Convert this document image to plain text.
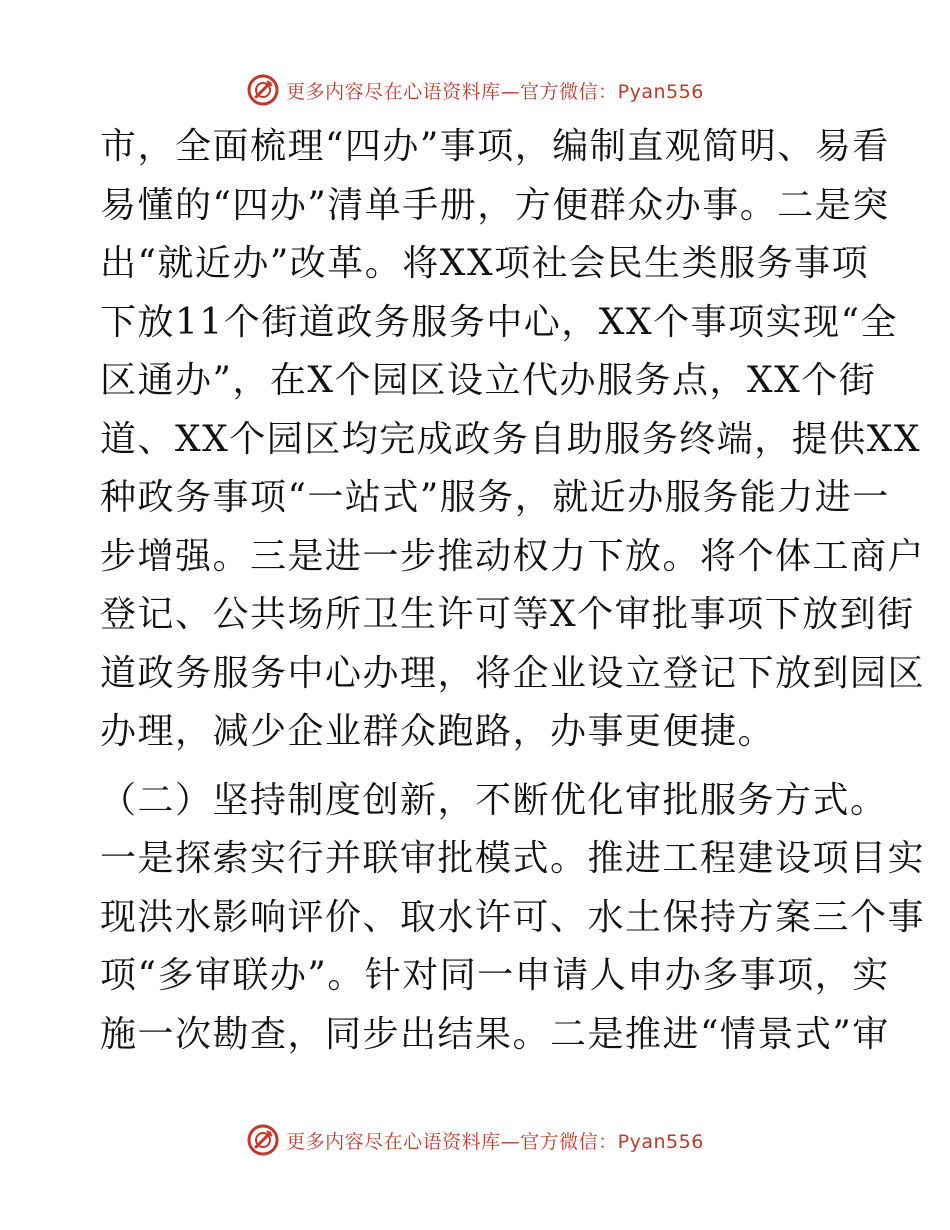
更多内容尽在心语资料库—官方微信：Pyan556
市，全面梳理“四办”事项，编制直观简明、易看
易懂的“四办”清单手册，方便群众办事。二是突
出“就近办”改革。将XX项社会民生类服务事项
下放11个街道政务服务中心，XX个事项实现“全
区通办”，在X个园区设立代办服务点，XX个街
道、XX个园区均完成政务自助服务终端，提供XX
种政务事项“一站式”服务，就近办服务能力进一
步增强。三是进一步推动权力下放。将个体工商户
登记、公共场所卫生许可等X个审批事项下放到街
道政务服务中心办理，将企业设立登记下放到园区
办理，减少企业群众跑路，办事更便捷。
（二）坚持制度创新，不断优化审批服务方式。
一是探索实行并联审批模式。推进工程建设项目实
现洪水影响评价、取水许可、水土保持方案三个事
项“多审联办”。针对同一申请人申办多事项，实
施一次勘查，同步出结果。二是推进“情景式”审
更多内容尽在心语资料库—官方微信：Pyan556
